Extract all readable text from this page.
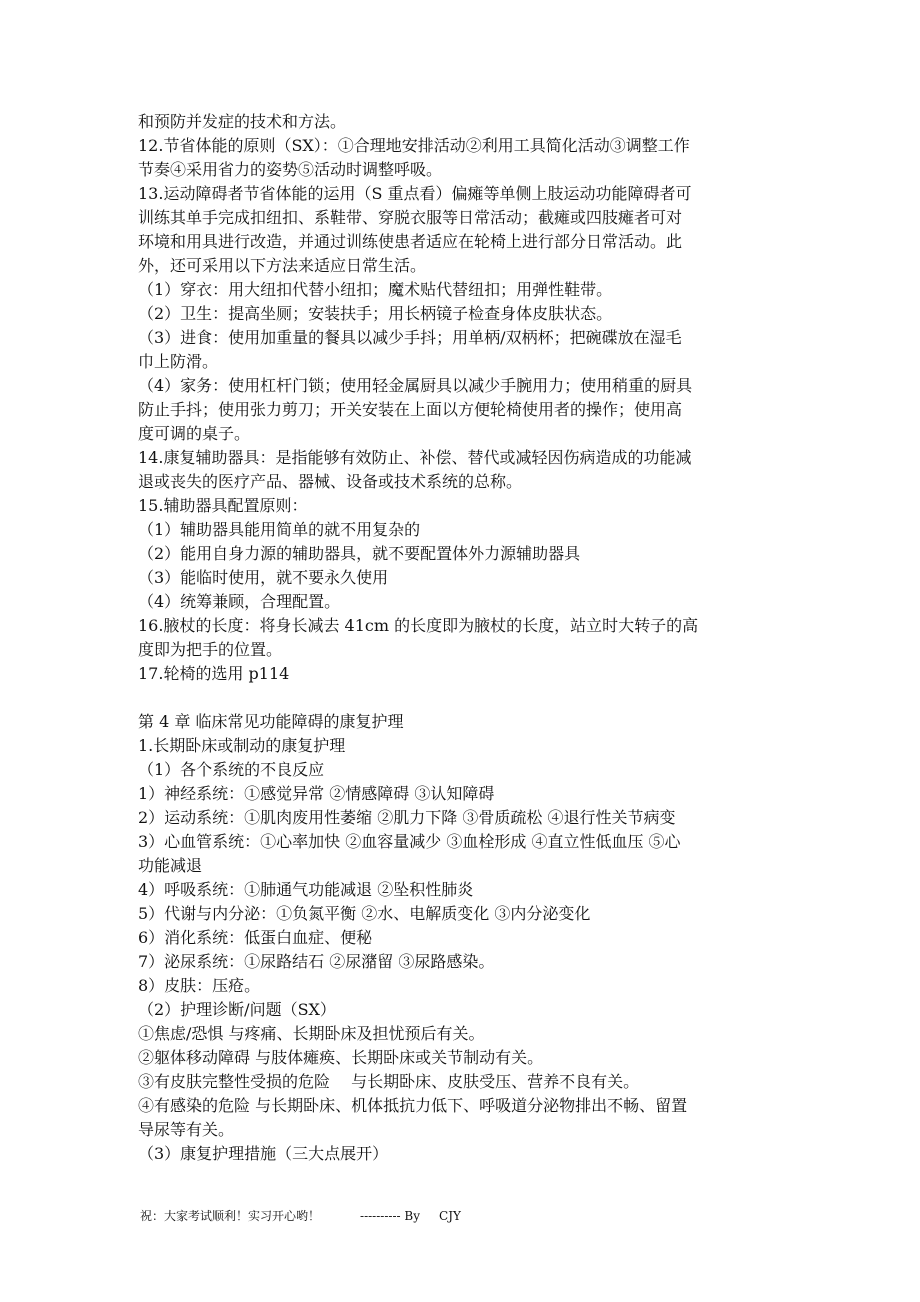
和预防并发症的技术和方法。
12.节省体能的原则（SX）：①合理地安排活动②利用工具简化活动③调整工作
节奏④采用省力的姿势⑤活动时调整呼吸。
13.运动障碍者节省体能的运用（S 重点看）偏瘫等单侧上肢运动功能障碍者可
训练其单手完成扣纽扣、系鞋带、穿脱衣服等日常活动；截瘫或四肢瘫者可对
环境和用具进行改造，并通过训练使患者适应在轮椅上进行部分日常活动。此
外，还可采用以下方法来适应日常生活。
（1）穿衣：用大纽扣代替小纽扣；魔术贴代替纽扣；用弹性鞋带。
（2）卫生：提高坐厕；安装扶手；用长柄镜子检查身体皮肤状态。
（3）进食：使用加重量的餐具以减少手抖；用单柄/双柄杯；把碗碟放在湿毛
巾上防滑。
（4）家务：使用杠杆门锁；使用轻金属厨具以减少手腕用力；使用稍重的厨具
防止手抖；使用张力剪刀；开关安装在上面以方便轮椅使用者的操作；使用高
度可调的桌子。
14.康复辅助器具：是指能够有效防止、补偿、替代或减轻因伤病造成的功能减
退或丧失的医疗产品、器械、设备或技术系统的总称。
15.辅助器具配置原则：
（1）辅助器具能用简单的就不用复杂的
（2）能用自身力源的辅助器具，就不要配置体外力源辅助器具
（3）能临时使用，就不要永久使用
（4）统筹兼顾，合理配置。
16.腋杖的长度：将身长减去 41cm 的长度即为腋杖的长度，站立时大转子的高
度即为把手的位置。
17.轮椅的选用 p114
第 4 章 临床常见功能障碍的康复护理
1.长期卧床或制动的康复护理
（1）各个系统的不良反应
1）神经系统：①感觉异常 ②情感障碍 ③认知障碍
2）运动系统：①肌肉废用性萎缩 ②肌力下降 ③骨质疏松 ④退行性关节病变
3）心血管系统：①心率加快 ②血容量减少 ③血栓形成 ④直立性低血压 ⑤心
功能减退
4）呼吸系统：①肺通气功能减退 ②坠积性肺炎
5）代谢与内分泌：①负氮平衡 ②水、电解质变化 ③内分泌变化
6）消化系统：低蛋白血症、便秘
7）泌尿系统：①尿路结石 ②尿潴留 ③尿路感染。
8）皮肤：压疮。
（2）护理诊断/问题（SX）
①焦虑/恐惧 与疼痛、长期卧床及担忧预后有关。
②躯体移动障碍 与肢体瘫痪、长期卧床或关节制动有关。
③有皮肤完整性受损的危险　 与长期卧床、皮肤受压、营养不良有关。
④有感染的危险 与长期卧床、机体抵抗力低下、呼吸道分泌物排出不畅、留置
导尿等有关。
（3）康复护理措施（三大点展开）
祝：大家考试顺利！实习开心哟！	---------- By     CJY
